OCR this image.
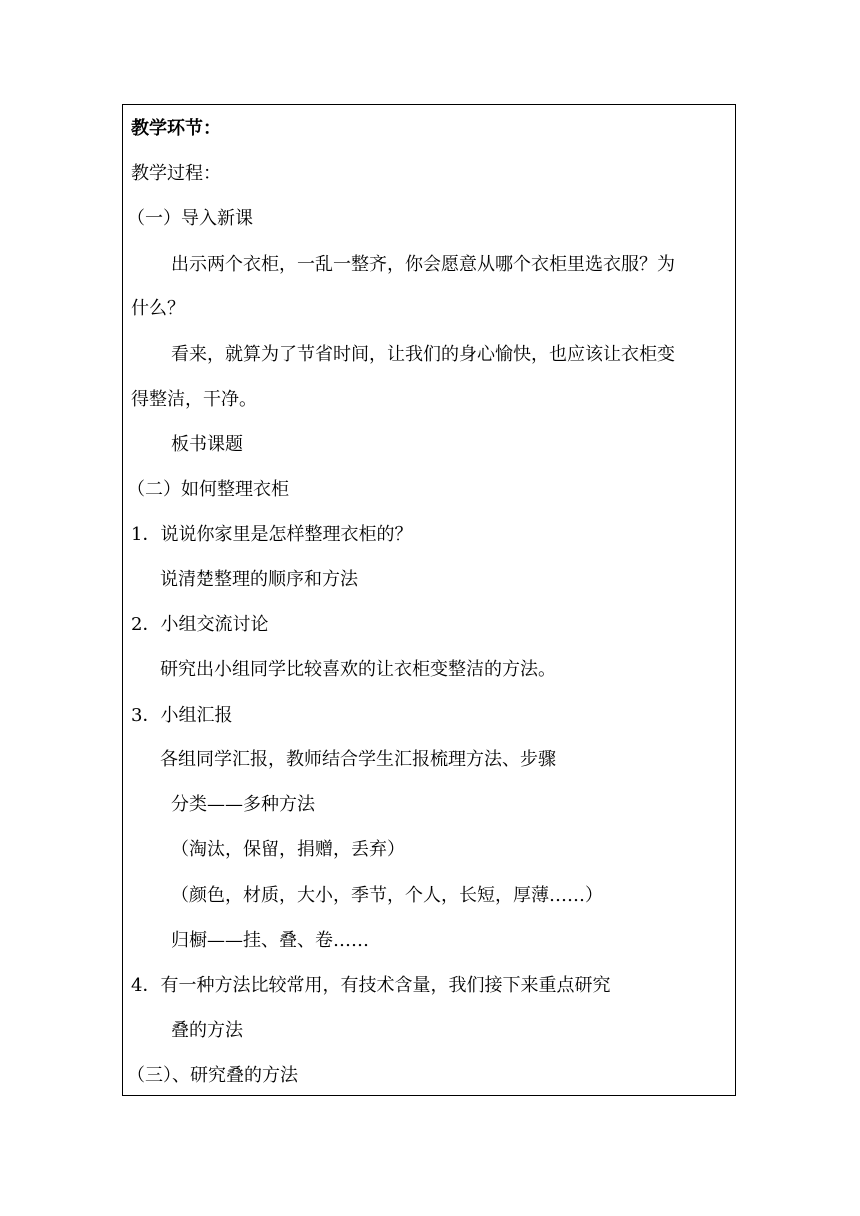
教学环节：
教学过程：
（一）导入新课
出示两个衣柜，一乱一整齐，你会愿意从哪个衣柜里选衣服？为
什么？
看来，就算为了节省时间，让我们的身心愉快，也应该让衣柜变
得整洁，干净。
板书课题
（二）如何整理衣柜
1．说说你家里是怎样整理衣柜的？
说清楚整理的顺序和方法
2．小组交流讨论
研究出小组同学比较喜欢的让衣柜变整洁的方法。
3．小组汇报
各组同学汇报，教师结合学生汇报梳理方法、步骤
分类——多种方法
（淘汰，保留，捐赠，丢弃）
（颜色，材质，大小，季节，个人，长短，厚薄……）
归橱——挂、叠、卷……
4．有一种方法比较常用，有技术含量，我们接下来重点研究
叠的方法
（三）、研究叠的方法
